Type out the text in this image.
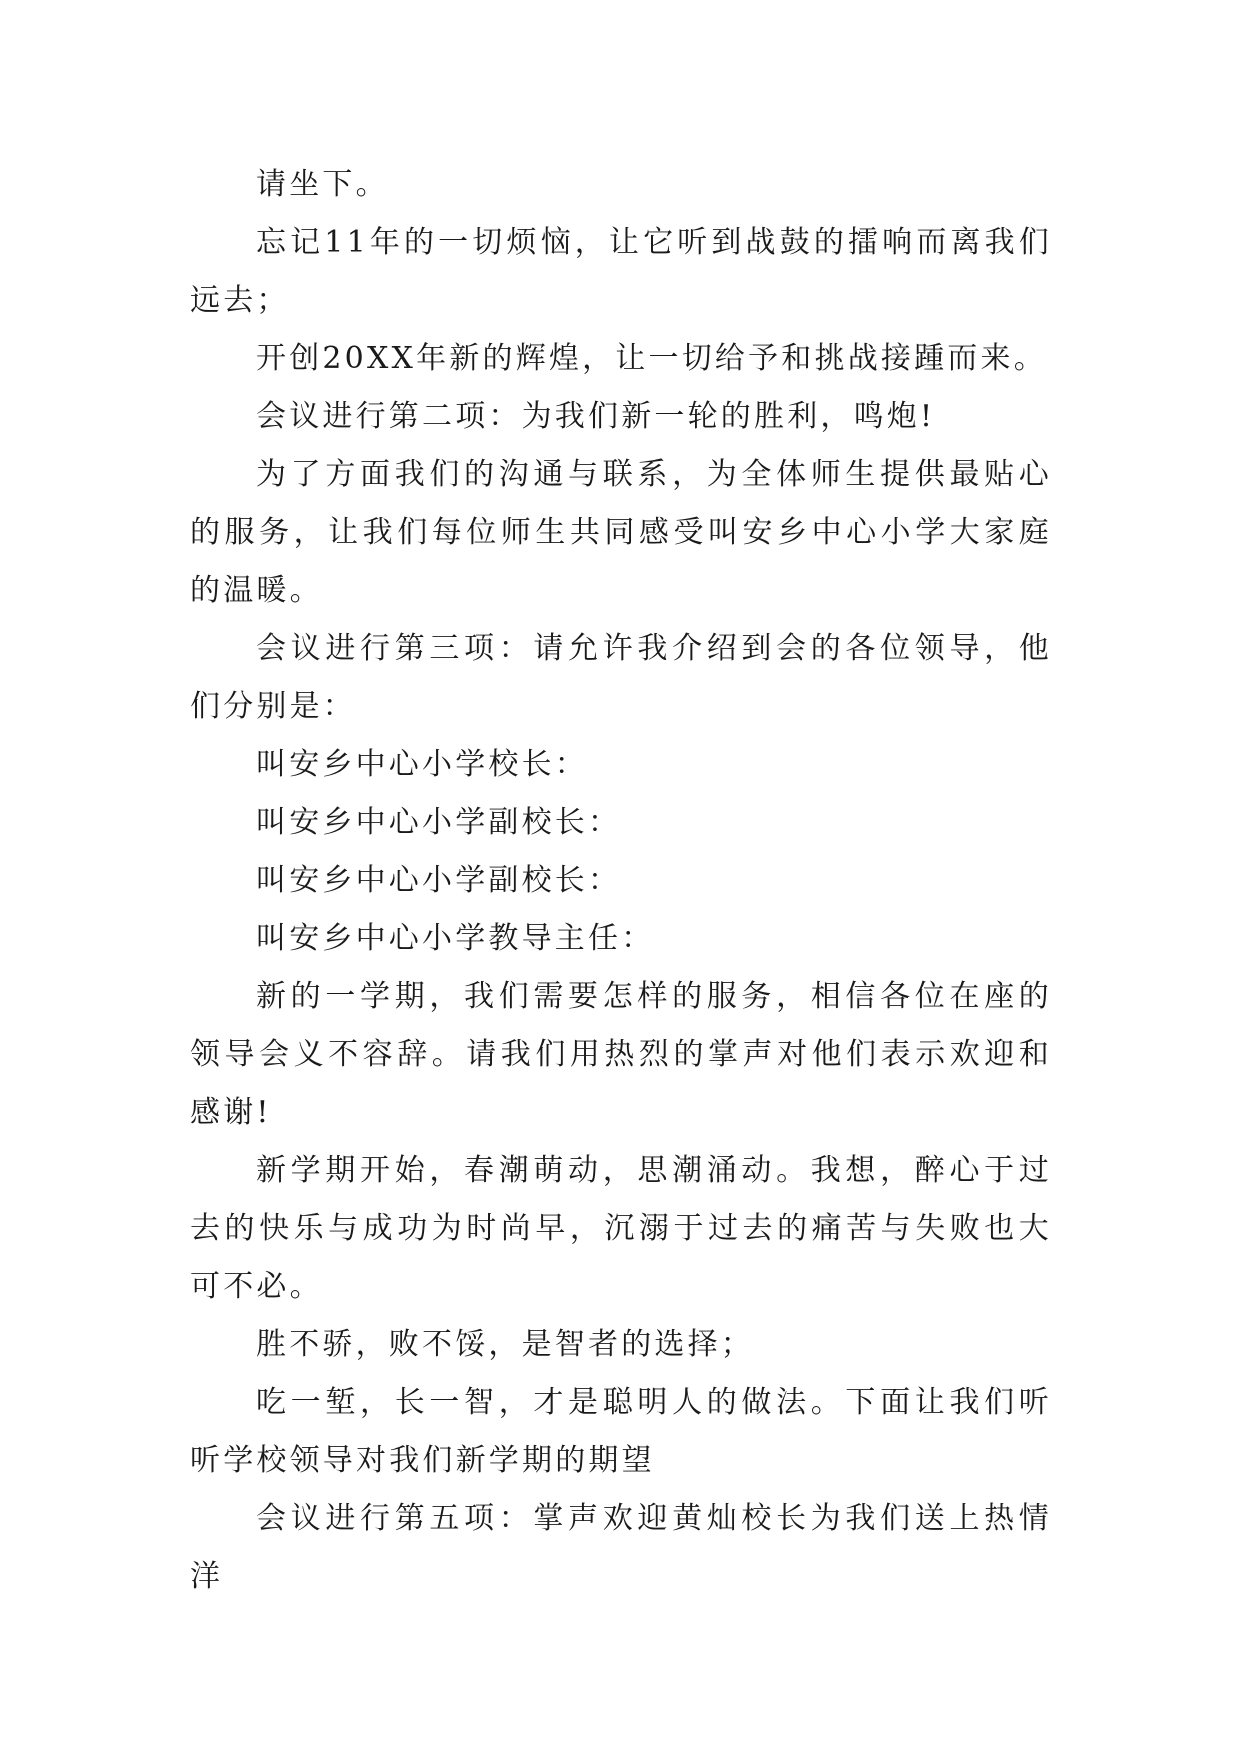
请坐下。

忘记11年的一切烦恼，让它听到战鼓的擂响而离我们远去；

开创20XX年新的辉煌，让一切给予和挑战接踵而来。

会议进行第二项：为我们新一轮的胜利，鸣炮!

为了方面我们的沟通与联系，为全体师生提供最贴心的服务，让我们每位师生共同感受叫安乡中心小学大家庭的温暖。

会议进行第三项：请允许我介绍到会的各位领导，他们分别是：

叫安乡中心小学校长：

叫安乡中心小学副校长：

叫安乡中心小学副校长：

叫安乡中心小学教导主任：

新的一学期，我们需要怎样的服务，相信各位在座的领导会义不容辞。请我们用热烈的掌声对他们表示欢迎和感谢!

新学期开始，春潮萌动，思潮涌动。我想，醉心于过去的快乐与成功为时尚早，沉溺于过去的痛苦与失败也大可不必。

胜不骄，败不馁，是智者的选择；

吃一堑，长一智，才是聪明人的做法。下面让我们听听学校领导对我们新学期的期望

会议进行第五项：掌声欢迎黄灿校长为我们送上热情洋
